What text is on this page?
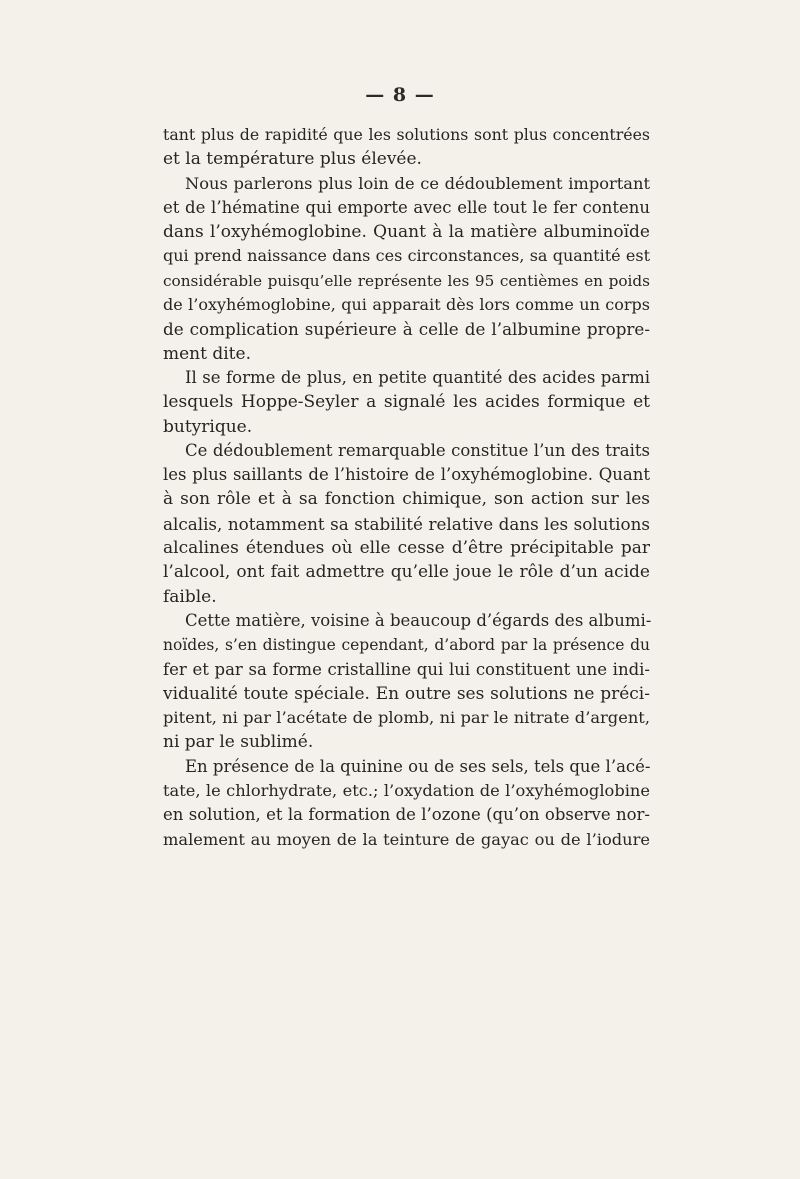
— 8 —
tant plus de rapidité que les solutions sont plus concentrées
et la température plus élevée.
Nous parlerons plus loin de ce dédoublement important
et de l’hématine qui emporte avec elle tout le fer contenu
dans l’oxyhémoglobine. Quant à la matière albuminoïde
qui prend naissance dans ces circonstances, sa quantité est
considérable puisqu’elle représente les 95 centièmes en poids
de l’oxyhémoglobine, qui apparait dès lors comme un corps
de complication supérieure à celle de l’albumine propre-
ment dite.
Il se forme de plus, en petite quantité des acides parmi
lesquels Hoppe-Seyler a signalé les acides formique et
butyrique.
Ce dédoublement remarquable constitue l’un des traits
les plus saillants de l’histoire de l’oxyhémoglobine. Quant
à son rôle et à sa fonction chimique, son action sur les
alcalis, notamment sa stabilité relative dans les solutions
alcalines étendues où elle cesse d’être précipitable par
l’alcool, ont fait admettre qu’elle joue le rôle d’un acide
faible.
Cette matière, voisine à beaucoup d’égards des albumi-
noïdes, s’en distingue cependant, d’abord par la présence du
fer et par sa forme cristalline qui lui constituent une indi-
vidualité toute spéciale. En outre ses solutions ne préci-
pitent, ni par l’acétate de plomb, ni par le nitrate d’argent,
ni par le sublimé.
En présence de la quinine ou de ses sels, tels que l’acé-
tate, le chlorhydrate, etc.; l’oxydation de l’oxyhémoglobine
en solution, et la formation de l’ozone (qu’on observe nor-
malement au moyen de la teinture de gayac ou de l’iodure
